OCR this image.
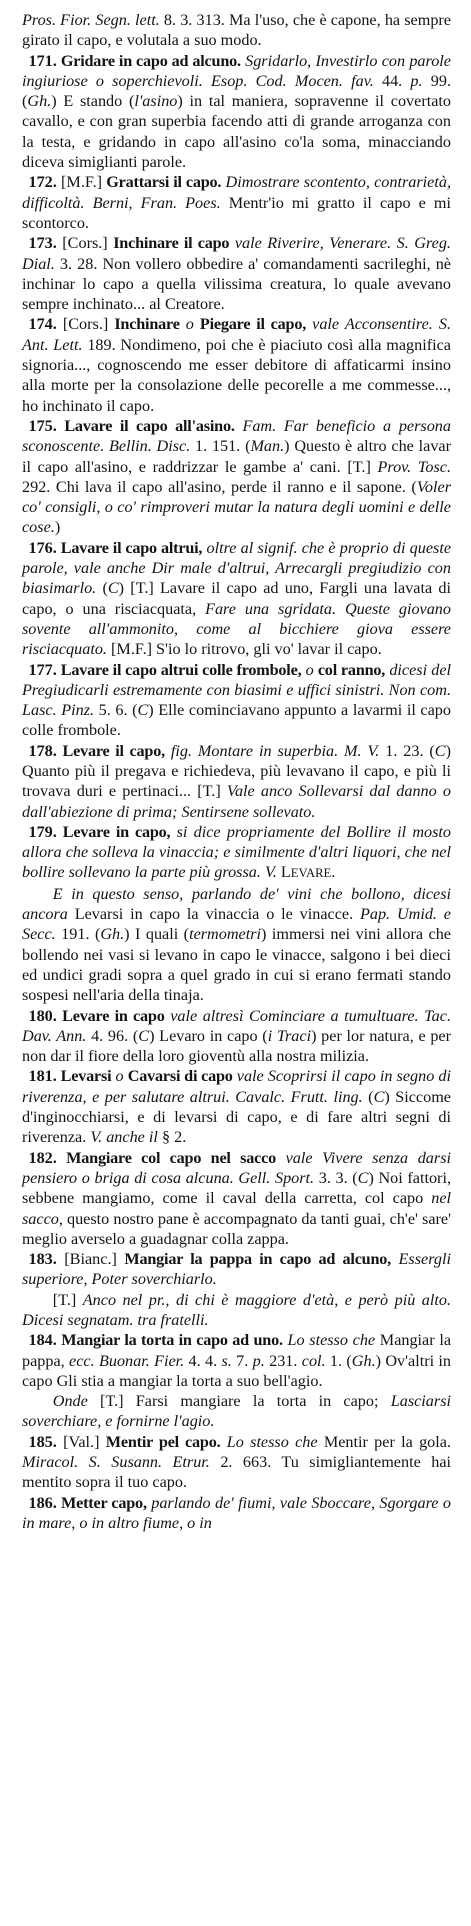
Pros. Fior. Segn. lett. 8. 3. 313. Ma l'uso, che è capone, ha sempre girato il capo, e volutala a suo modo.

171. Gridare in capo ad alcuno. Sgridarlo, Investirlo con parole ingiuriose o soperchievoli. Esop. Cod. Mocen. fav. 44. p. 99. (Gh.) E stando (l'asino) in tal maniera, sopravenne il covertato cavallo, e con gran superbia facendo atti di grande arroganza con la testa, e gridando in capo all'asino co'la soma, minacciando diceva simiglianti parole.

172. [M.F.] Grattarsi il capo. Dimostrare scontento, contrarietà, difficoltà. Berni, Fran. Poes. Mentr'io mi gratto il capo e mi scontorco.

173. [Cors.] Inchinare il capo vale Riverire, Venerare. S. Greg. Dial. 3. 28. Non vollero obbedire a' comandamenti sacrileghi, nè inchinar lo capo a quella vilissima creatura, lo quale avevano sempre inchinato... al Creatore.

174. [Cors.] Inchinare o Piegare il capo, vale Acconsentire. S. Ant. Lett. 189. Nondimeno, poi che è piaciuto così alla magnifica signoria..., cognoscendo me esser debitore di affaticarmi insino alla morte per la consolazione delle pecorelle a me commesse..., ho inchinato il capo.

175. Lavare il capo all'asino. Fam. Far beneficio a persona sconoscente. Bellin. Disc. 1. 151. (Man.) Questo è altro che lavar il capo all'asino, e raddrizzar le gambe a' cani. [T.] Prov. Tosc. 292. Chi lava il capo all'asino, perde il ranno e il sapone. (Voler co' consigli, o co' rimproveri mutar la natura degli uomini e delle cose.)

176. Lavare il capo altrui, oltre al signif. che è proprio di queste parole, vale anche Dir male d'altrui, Arrecargli pregiudizio con biasimarlo. (C) [T.] Lavare il capo ad uno, Fargli una lavata di capo, o una risciacquata, Fare una sgridata. Queste giovano sovente all'ammonito, come al bicchiere giova essere risciacquato. [M.F.] S'io lo ritrovo, gli vo' lavar il capo.

177. Lavare il capo altrui colle frombole, o col ranno, dicesi del Pregiudicarli estremamente con biasimi e uffici sinistri. Non com. Lasc. Pinz. 5. 6. (C) Elle cominciavano appunto a lavarmi il capo colle frombole.

178. Levare il capo, fig. Montare in superbia. M. V. 1. 23. (C) Quanto più il pregava e richiedeva, più levavano il capo, e più li trovava duri e pertinaci... [T.] Vale anco Sollevarsi dal danno o dall'abiezione di prima; Sentirsene sollevato.

179. Levare in capo, si dice propriamente del Bollire il mosto allora che solleva la vinaccia; e similmente d'altri liquori, che nel bollire sollevano la parte più grossa. V. LEVARE.

E in questo senso, parlando de' vini che bollono, dicesi ancora Levarsi in capo la vinaccia o le vinacce. Pap. Umid. e Secc. 191. (Gh.) I quali (termometri) immersi nei vini allora che bollendo nei vasi si levano in capo le vinacce, salgono i bei dieci ed undici gradi sopra a quel grado in cui si erano fermati stando sospesi nell'aria della tinaja.

180. Levare in capo vale altresì Cominciare a tumultuare. Tac. Dav. Ann. 4. 96. (C) Levaro in capo (i Traci) per lor natura, e per non dar il fiore della loro gioventù alla nostra milizia.

181. Levarsi o Cavarsi di capo vale Scoprirsi il capo in segno di riverenza, e per salutare altrui. Cavalc. Frutt. ling. (C) Siccome d'inginocchiarsi, e di levarsi di capo, e di fare altri segni di riverenza. V. anche il § 2.

182. Mangiare col capo nel sacco vale Vivere senza darsi pensiero o briga di cosa alcuna. Gell. Sport. 3. 3. (C) Noi fattori, sebbene mangiamo, come il caval della carretta, col capo nel sacco, questo nostro pane è accompagnato da tanti guai, ch'e' sare' meglio averselo a guadagnar colla zappa.

183. [Bianc.] Mangiar la pappa in capo ad alcuno, Essergli superiore, Poter soverchiarlo.

[T.] Anco nel pr., di chi è maggiore d'età, e però più alto. Dicesi segnatam. tra fratelli.

184. Mangiar la torta in capo ad uno. Lo stesso che Mangiar la pappa, ecc. Buonar. Fier. 4. 4. s. 7. p. 231. col. 1. (Gh.) Ov'altri in capo Gli stia a mangiar la torta a suo bell'agio.

Onde [T.] Farsi mangiare la torta in capo; Lasciarsi soverchiare, e fornirne l'agio.

185. [Val.] Mentir pel capo. Lo stesso che Mentir per la gola. Miracol. S. Susann. Etrur. 2. 663. Tu simigliantemente hai mentito sopra il tuo capo.

186. Metter capo, parlando de' fiumi, vale Sboccare, Sgorgare o in mare, o in altro fiume, o in
